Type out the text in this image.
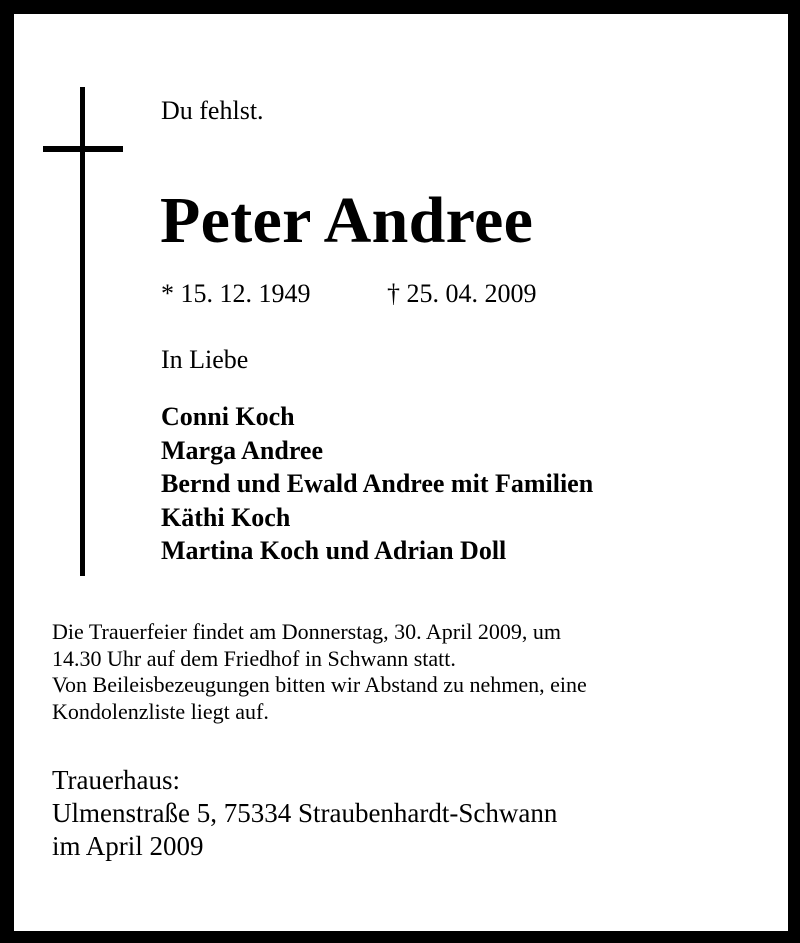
Du fehlst.
Peter Andree
* 15. 12. 1949	† 25. 04. 2009
In Liebe
Conni Koch
Marga Andree
Bernd und Ewald Andree mit Familien
Käthi Koch
Martina Koch und Adrian Doll
Die Trauerfeier findet am Donnerstag, 30. April 2009, um
14.30 Uhr auf dem Friedhof in Schwann statt.
Von Beileisbezeugungen bitten wir Abstand zu nehmen, eine
Kondolenzliste liegt auf.
Trauerhaus:
Ulmenstraße 5, 75334 Straubenhardt-Schwann
im April 2009
